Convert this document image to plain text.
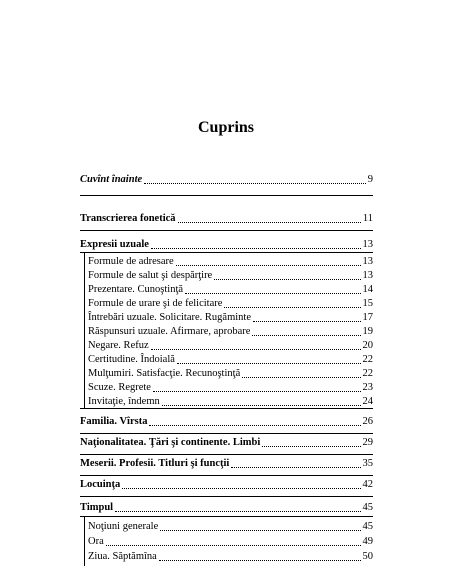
Cuprins
Cuvînt înainte	9
Transcrierea fonetică	11
Expresii uzuale	13
Formule de adresare	13
Formule de salut şi despărţire	13
Prezentare. Cunoştinţă	14
Formule de urare şi de felicitare	15
Întrebări uzuale. Solicitare. Rugăminte	17
Răspunsuri uzuale. Afirmare, aprobare	19
Negare. Refuz	20
Certitudine. Îndoială	22
Mulţumiri. Satisfacţie. Recunoştinţă	22
Scuze. Regrete	23
Invitaţie, îndemn	24
Familia. Vîrsta	26
Naţionalitatea. Ţări şi continente. Limbi	29
Meserii. Profesii. Titluri şi funcţii	35
Locuinţa	42
Timpul	45
Noţiuni generale	45
Ora	49
Ziua. Săptămîna	50
